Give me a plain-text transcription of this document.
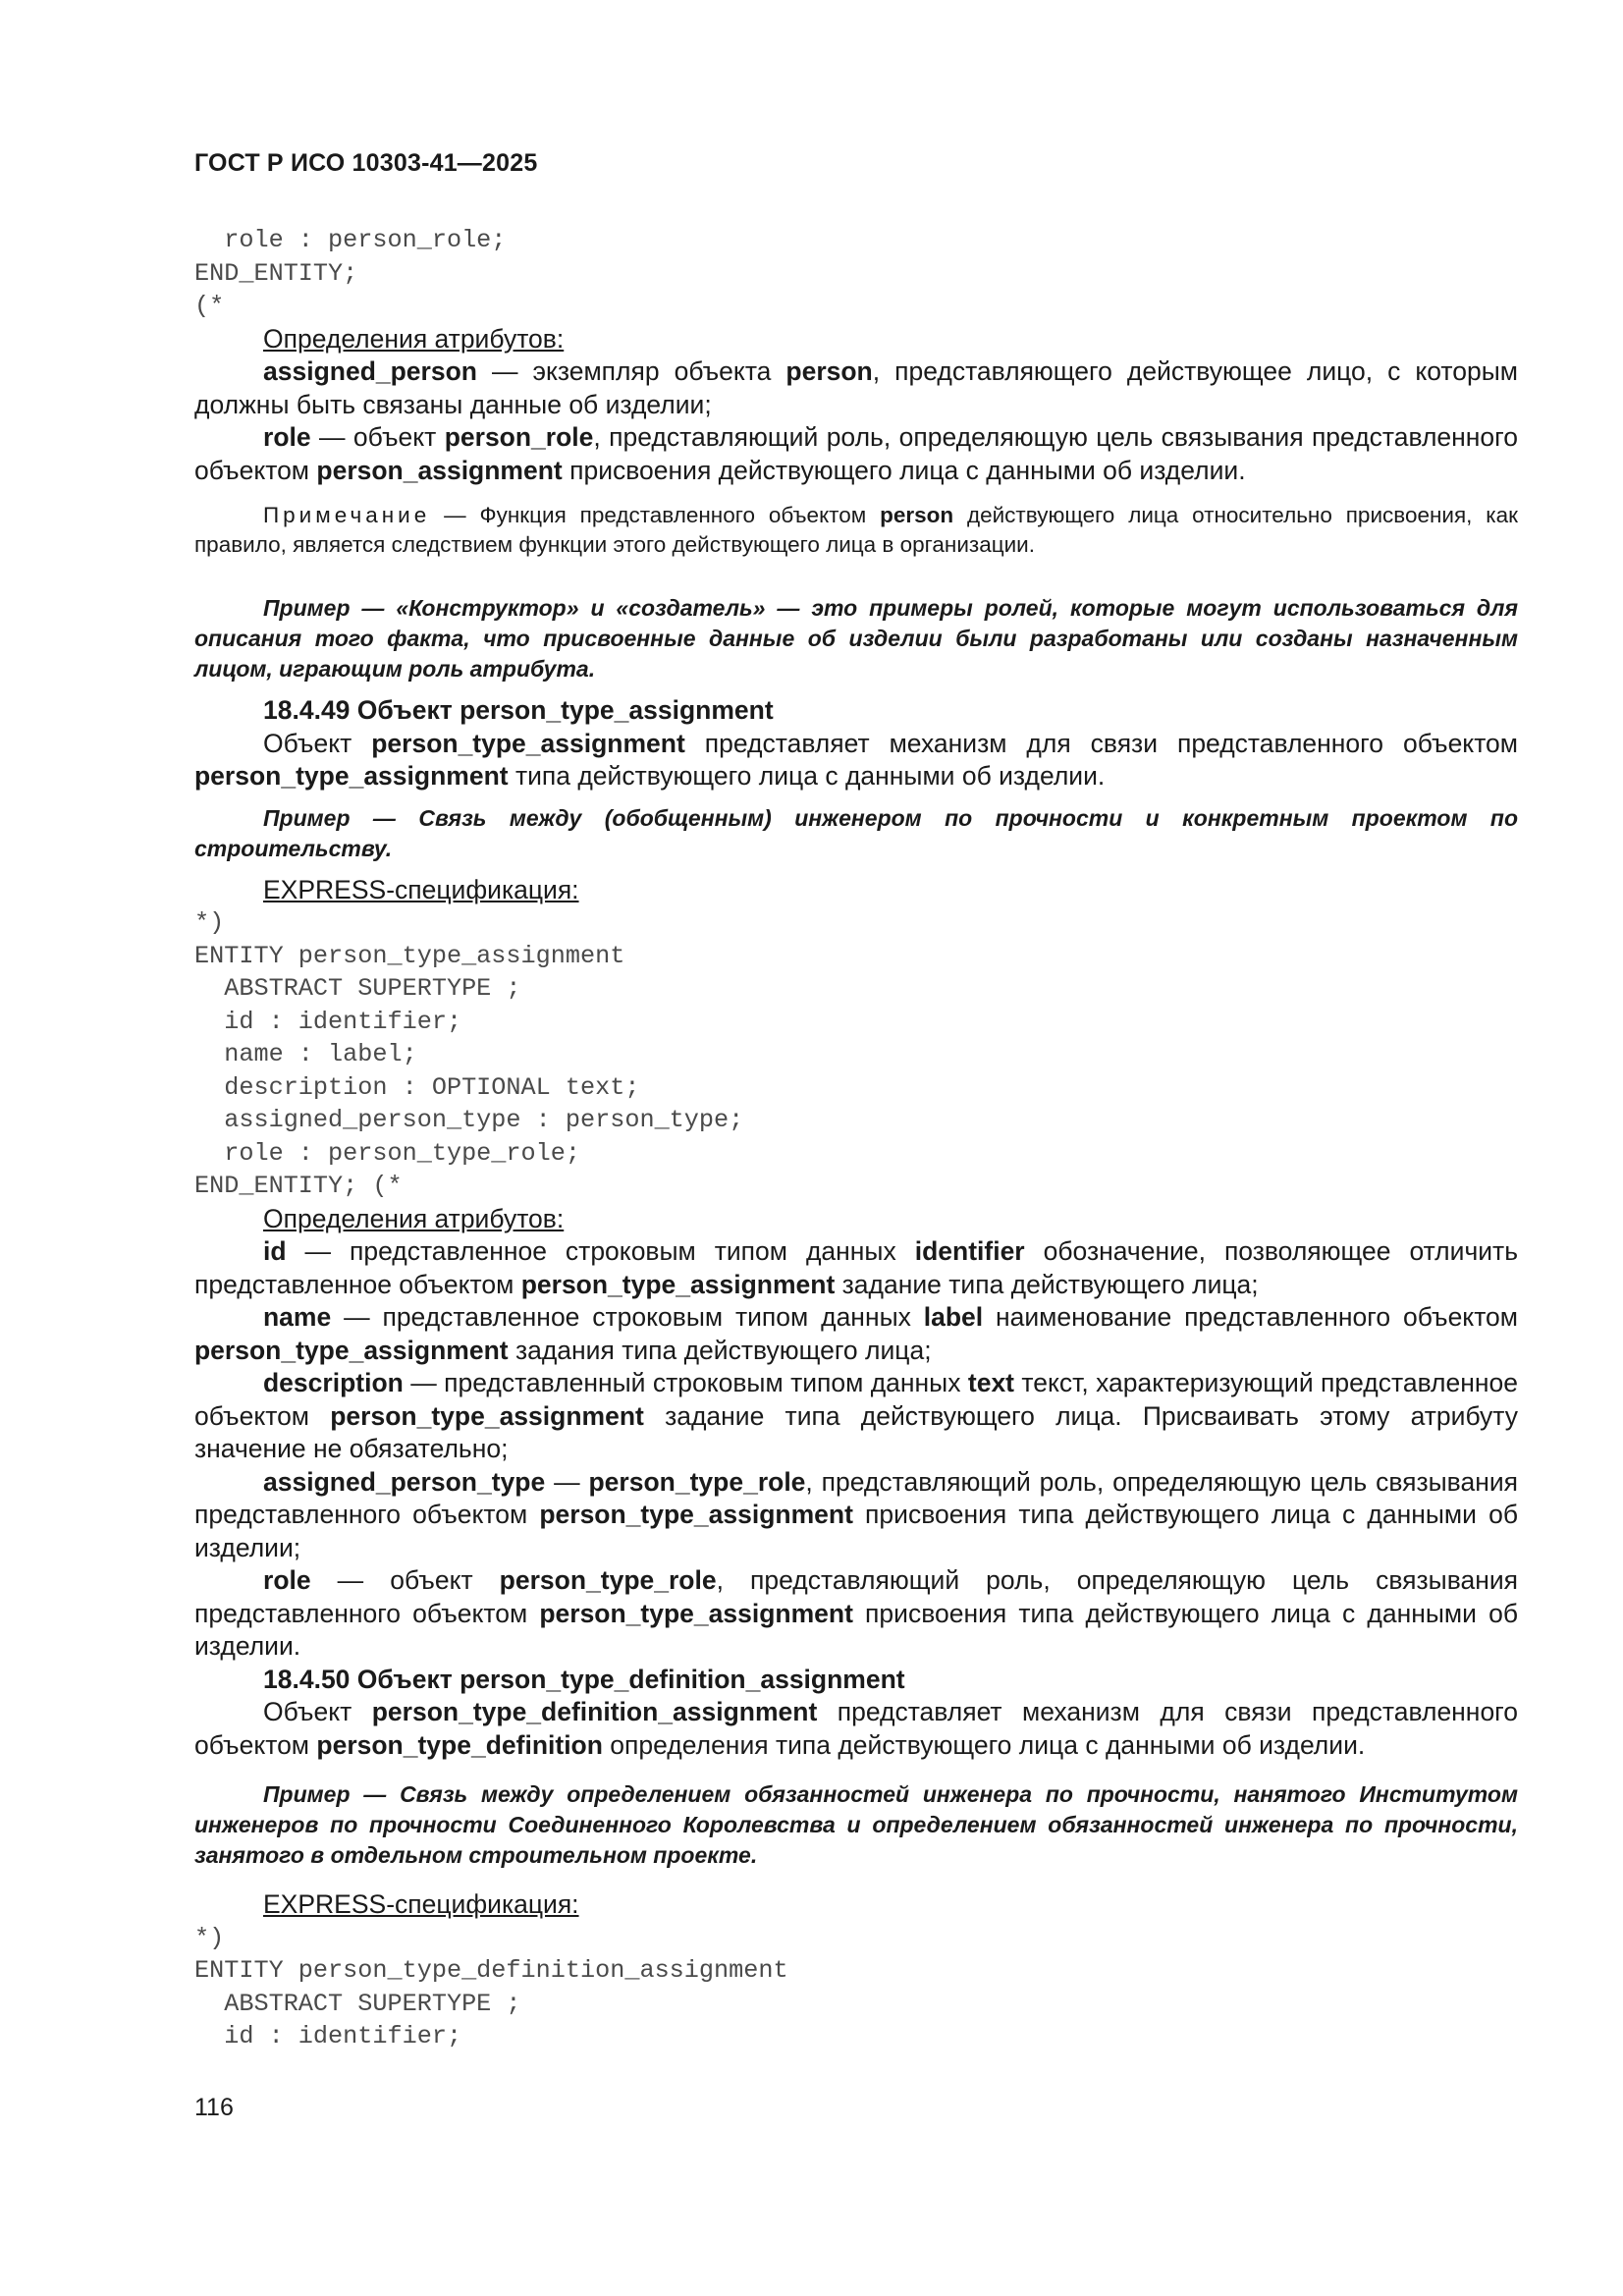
ГОСТ Р ИСО 10303-41—2025
role : person_role;
END_ENTITY;
(*

Определения атрибутов:

assigned_person — экземпляр объекта person, представляющего действующее лицо, с которым должны быть связаны данные об изделии;

role — объект person_role, представляющий роль, определяющую цель связывания представленного объектом person_assignment присвоения действующего лица с данными об изделии.

Примечание — Функция представленного объектом person действующего лица относительно присвоения, как правило, является следствием функции этого действующего лица в организации.

Пример — «Конструктор» и «создатель» — это примеры ролей, которые могут использоваться для описания того факта, что присвоенные данные об изделии были разработаны или созданы назначенным лицом, играющим роль атрибута.

18.4.49 Объект person_type_assignment

Объект person_type_assignment представляет механизм для связи представленного объектом person_type_assignment типа действующего лица с данными об изделии.

Пример — Связь между (обобщенным) инженером по прочности и конкретным проектом по строительству.

EXPRESS-спецификация:

*)
ENTITY person_type_assignment
ABSTRACT SUPERTYPE ;
id : identifier;
name : label;
description : OPTIONAL text;
assigned_person_type : person_type;
role : person_type_role;
END_ENTITY; (*

Определения атрибутов:

id — представленное строковым типом данных identifier обозначение, позволяющее отличить представленное объектом person_type_assignment задание типа действующего лица;

name — представленное строковым типом данных label наименование представленного объектом person_type_assignment задания типа действующего лица;

description — представленный строковым типом данных text текст, характеризующий представленное объектом person_type_assignment задание типа действующего лица. Присваивать этому атрибуту значение не обязательно;

assigned_person_type — person_type_role, представляющий роль, определяющую цель связывания представленного объектом person_type_assignment присвоения типа действующего лица с данными об изделии;

role — объект person_type_role, представляющий роль, определяющую цель связывания представленного объектом person_type_assignment присвоения типа действующего лица с данными об изделии.

18.4.50 Объект person_type_definition_assignment

Объект person_type_definition_assignment представляет механизм для связи представленного объектом person_type_definition определения типа действующего лица с данными об изделии.

Пример — Связь между определением обязанностей инженера по прочности, нанятого Институтом инженеров по прочности Соединенного Королевства и определением обязанностей инженера по прочности, занятого в отдельном строительном проекте.

EXPRESS-спецификация:

*)
ENTITY person_type_definition_assignment
ABSTRACT SUPERTYPE ;
id : identifier;
116
